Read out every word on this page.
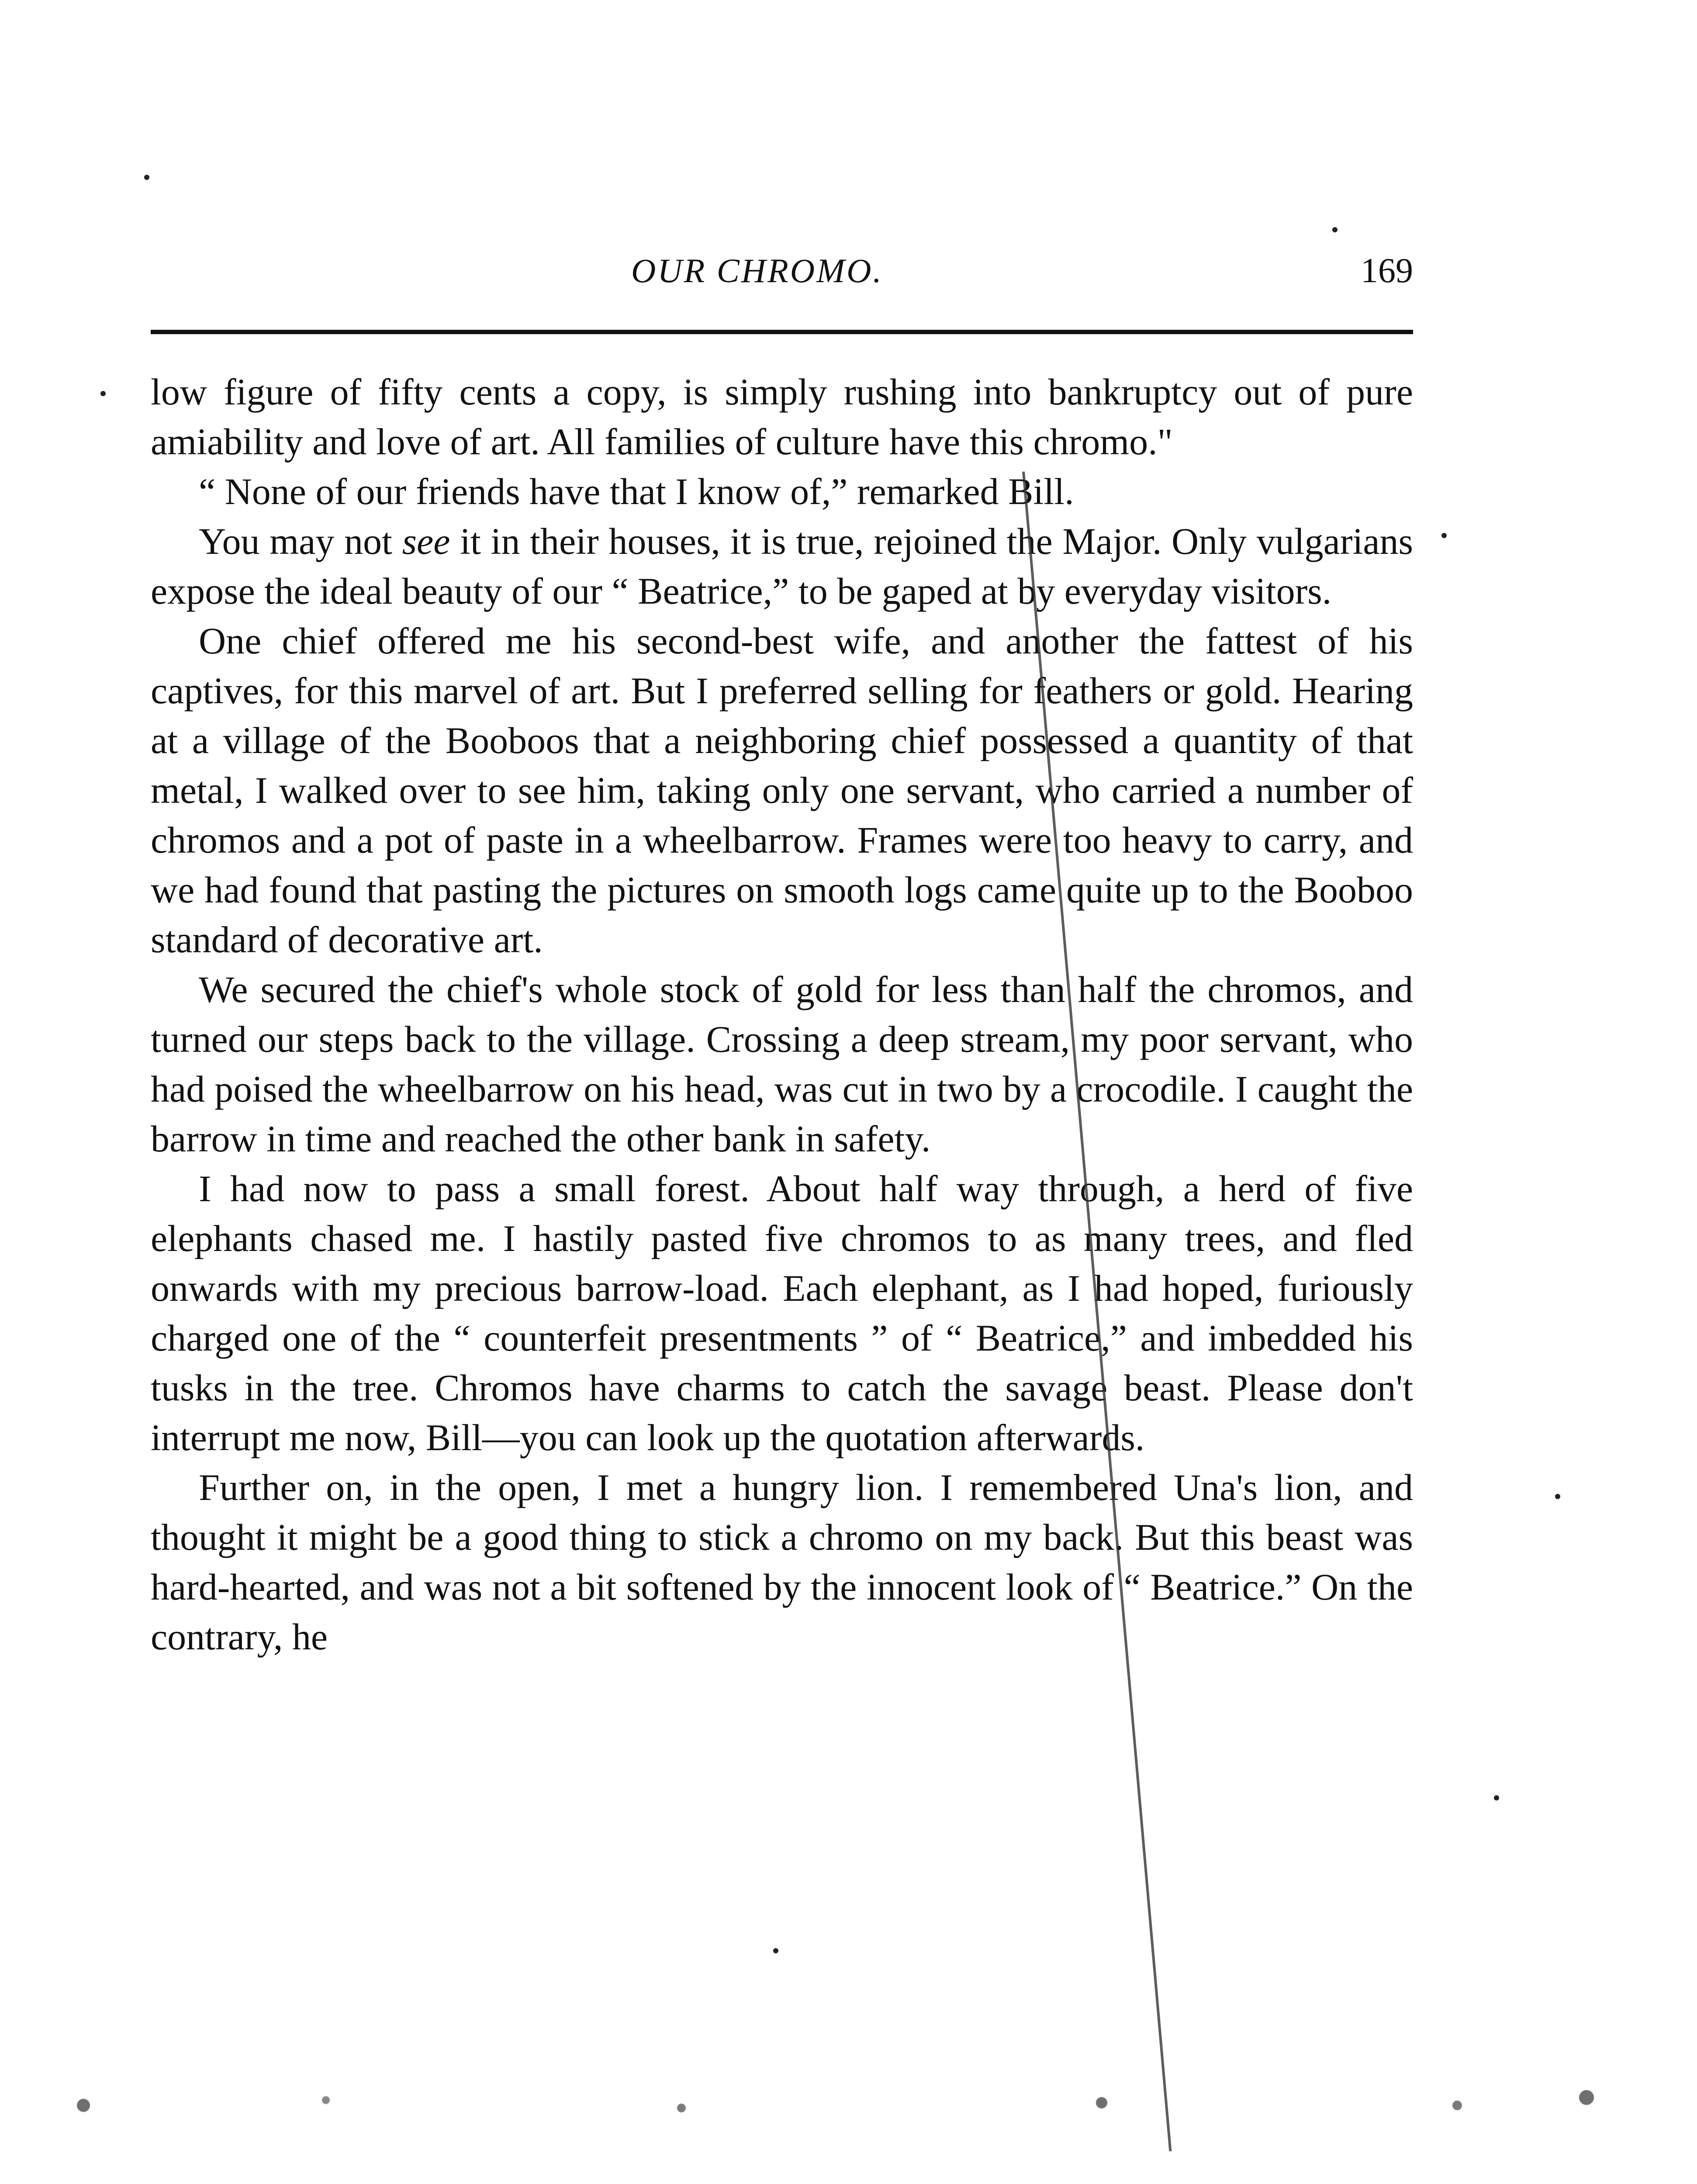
OUR CHROMO.	169

low figure of fifty cents a copy, is simply rushing into bankruptcy out of pure amiability and love of art. All families of culture have this chromo."

“ None of our friends have that I know of,” remarked Bill.

You may not see it in their houses, it is true, rejoined the Major. Only vulgarians expose the ideal beauty of our “ Beatrice,” to be gaped at by everyday visitors.

One chief offered me his second-best wife, and another the fattest of his captives, for this marvel of art. But I preferred selling for feathers or gold. Hearing at a village of the Booboos that a neighboring chief possessed a quantity of that metal, I walked over to see him, taking only one servant, who carried a number of chromos and a pot of paste in a wheelbarrow. Frames were too heavy to carry, and we had found that pasting the pictures on smooth logs came quite up to the Booboo standard of decorative art.

We secured the chief's whole stock of gold for less than half the chromos, and turned our steps back to the village. Crossing a deep stream, my poor servant, who had poised the wheelbarrow on his head, was cut in two by a crocodile. I caught the barrow in time and reached the other bank in safety.

I had now to pass a small forest. About half way through, a herd of five elephants chased me. I hastily pasted five chromos to as many trees, and fled onwards with my precious barrow-load. Each elephant, as I had hoped, furiously charged one of the “ counterfeit presentments ” of “ Beatrice,” and imbedded his tusks in the tree. Chromos have charms to catch the savage beast. Please don't interrupt me now, Bill—you can look up the quotation afterwards.

Further on, in the open, I met a hungry lion. I remembered Una's lion, and thought it might be a good thing to stick a chromo on my back. But this beast was hard-hearted, and was not a bit softened by the innocent look of “ Beatrice.” On the contrary, he
